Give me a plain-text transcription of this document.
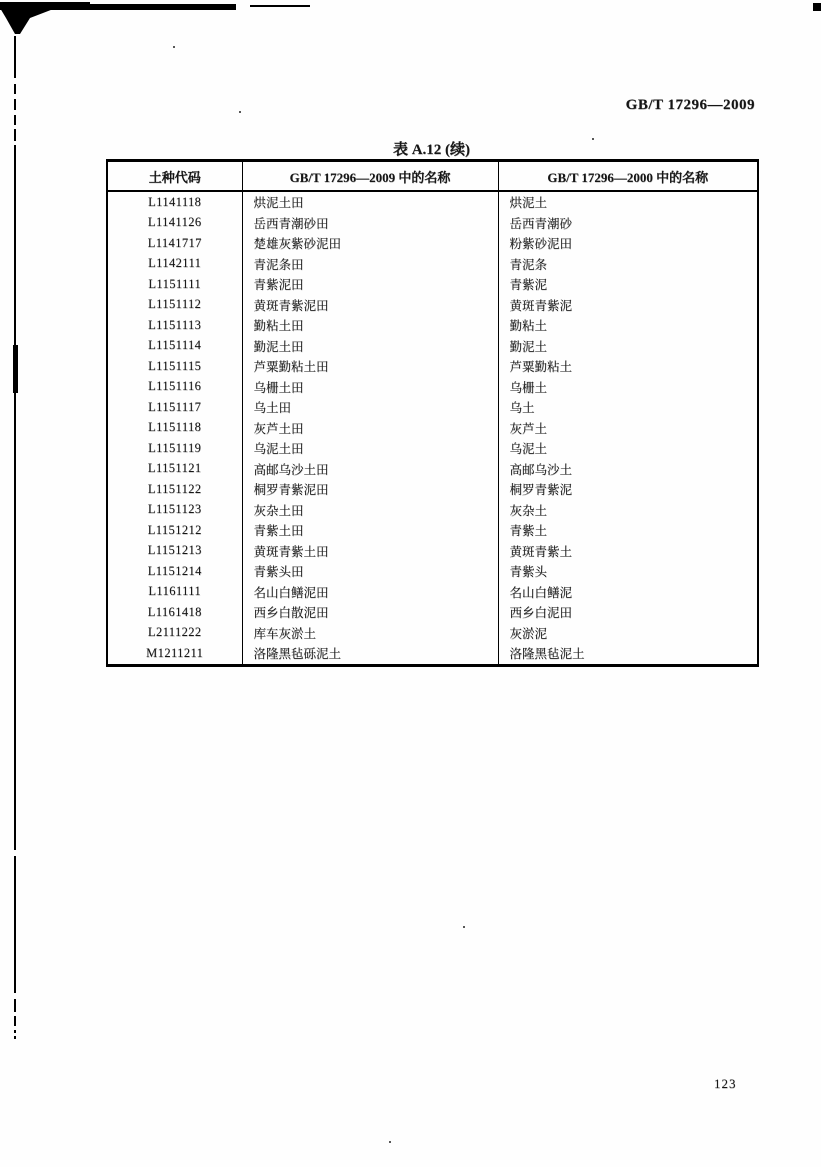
GB/T 17296—2009
表 A.12 (续)
土种代码	GB/T 17296—2009 中的名称	GB/T 17296—2000 中的名称
L1141118	烘泥土田	烘泥土
L1141126	岳西青潮砂田	岳西青潮砂
L1141717	楚雄灰紫砂泥田	粉紫砂泥田
L1142111	青泥条田	青泥条
L1151111	青紫泥田	青紫泥
L1151112	黄斑青紫泥田	黄斑青紫泥
L1151113	勤粘土田	勤粘土
L1151114	勤泥土田	勤泥土
L1151115	芦粟勤粘土田	芦粟勤粘土
L1151116	乌栅土田	乌栅土
L1151117	乌土田	乌土
L1151118	灰芦土田	灰芦土
L1151119	乌泥土田	乌泥土
L1151121	高邮乌沙土田	高邮乌沙土
L1151122	桐罗青紫泥田	桐罗青紫泥
L1151123	灰杂土田	灰杂土
L1151212	青紫土田	青紫土
L1151213	黄斑青紫土田	黄斑青紫土
L1151214	青紫头田	青紫头
L1161111	名山白鳝泥田	名山白鳝泥
L1161418	西乡白散泥田	西乡白泥田
L2111222	库车灰淤土	灰淤泥
M1211211	洛隆黑毡砾泥土	洛隆黑毡泥土
123
